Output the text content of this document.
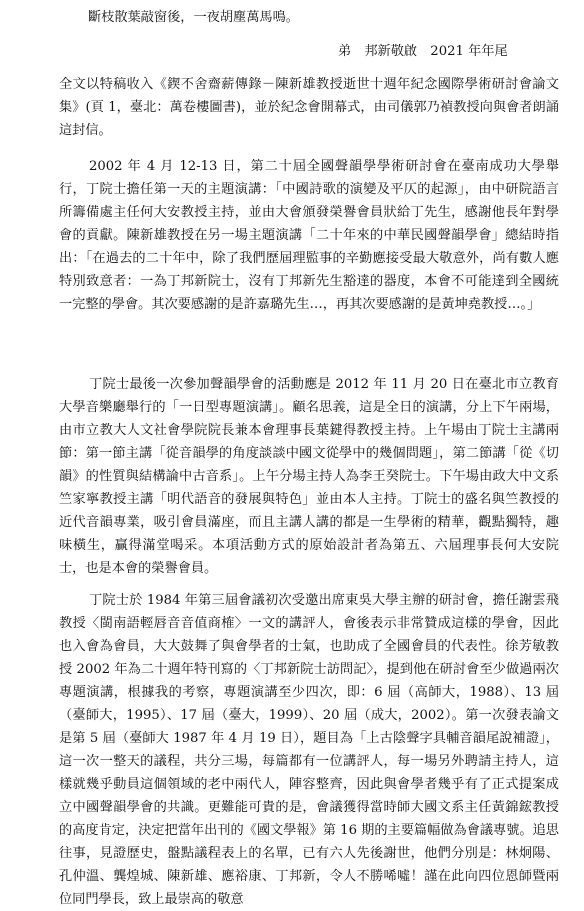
斷枝散葉敲窗後，一夜胡塵萬馬鳴。
弟　邦新敬啟　2021 年年尾

全文以特稿收入《鍥不舍齋薪傳錄－陳新雄教授逝世十週年紀念國際學術研討會論文集》(頁 1，臺北：萬卷樓圖書)，並於紀念會開幕式，由司儀郭乃禎教授向與會者朗誦這封信。

2002 年 4 月 12-13 日，第二十屆全國聲韻學學術研討會在臺南成功大學舉行，丁院士擔任第一天的主題演講：「中國詩歌的演變及平仄的起源」，由中研院語言所籌備處主任何大安教授主持，並由大會頒發榮譽會員狀給丁先生，感謝他長年對學會的貢獻。陳新雄教授在另一場主題演講「二十年來的中華民國聲韻學會」總結時指出：「在過去的二十年中，除了我們歷屆理監事的辛勤應接受最大敬意外，尚有數人應特別致意者：一為丁邦新院士，沒有丁邦新先生豁達的器度，本會不可能達到全國統一完整的學會。其次要感謝的是許嘉璐先生…，再其次要感謝的是黃坤堯教授…。」

丁院士最後一次參加聲韻學會的活動應是 2012 年 11 月 20 日在臺北市立教育大學音樂廳舉行的「一日型專題演講」。顧名思義，這是全日的演講，分上下午兩場，由市立教大人文社會學院院長兼本會理事長葉鍵得教授主持。上午場由丁院士主講兩節：第一節主講「從音韻學的角度談談中國文從學中的幾個問題」，第二節講「從《切韻》的性質與結構論中古音系」。上午分場主持人為李王癸院士。下午場由政大中文系竺家寧教授主講「明代語音的發展與特色」並由本人主持。丁院士的盛名與竺教授的近代音韻專業，吸引會員滿座，而且主講人講的都是一生學術的精華，觀點獨特，趣味橫生，贏得滿堂喝采。本項活動方式的原始設計者為第五、六屆理事長何大安院士，也是本會的榮譽會員。

丁院士於 1984 年第三屆會議初次受邀出席東吳大學主辦的研討會，擔任謝雲飛教授〈閩南語輕唇音音值商榷〉一文的講評人，會後表示非常贊成這樣的學會，因此也入會為會員，大大鼓舞了與會學者的士氣，也助成了全國會員的代表性。徐芳敏教授 2002 年為二十週年特刊寫的〈丁邦新院士訪問記〉，提到他在研討會至少做過兩次專題演講，根據我的考察，專題演講至少四次，即：6 屆（高師大，1988）、13 屆（臺師大，1995）、17 屆（臺大，1999）、20 屆（成大，2002）。第一次發表論文是第 5 屆（臺師大 1987 年 4 月 19 日），題目為「上古陰聲字具輔音韻尾說補證」，這一次一整天的議程，共分三場，每篇都有一位講評人，每一場另外聘請主持人，這樣就幾乎動員這個領域的老中兩代人，陣容整齊，因此與會學者幾乎有了正式提案成立中國聲韻學會的共識。更難能可貴的是，會議獲得當時師大國文系主任黃錦鋐教授的高度肯定，決定把當年出刊的《國文學報》第 16 期的主要篇幅做為會議專號。追思往事，見證歷史，盤點議程表上的名單，已有六人先後謝世，他們分別是：林炯陽、孔仲溫、龔煌城、陳新雄、應裕康、丁邦新，令人不勝唏噓！謹在此向四位恩師暨兩位同門學長，致上最崇高的敬意
